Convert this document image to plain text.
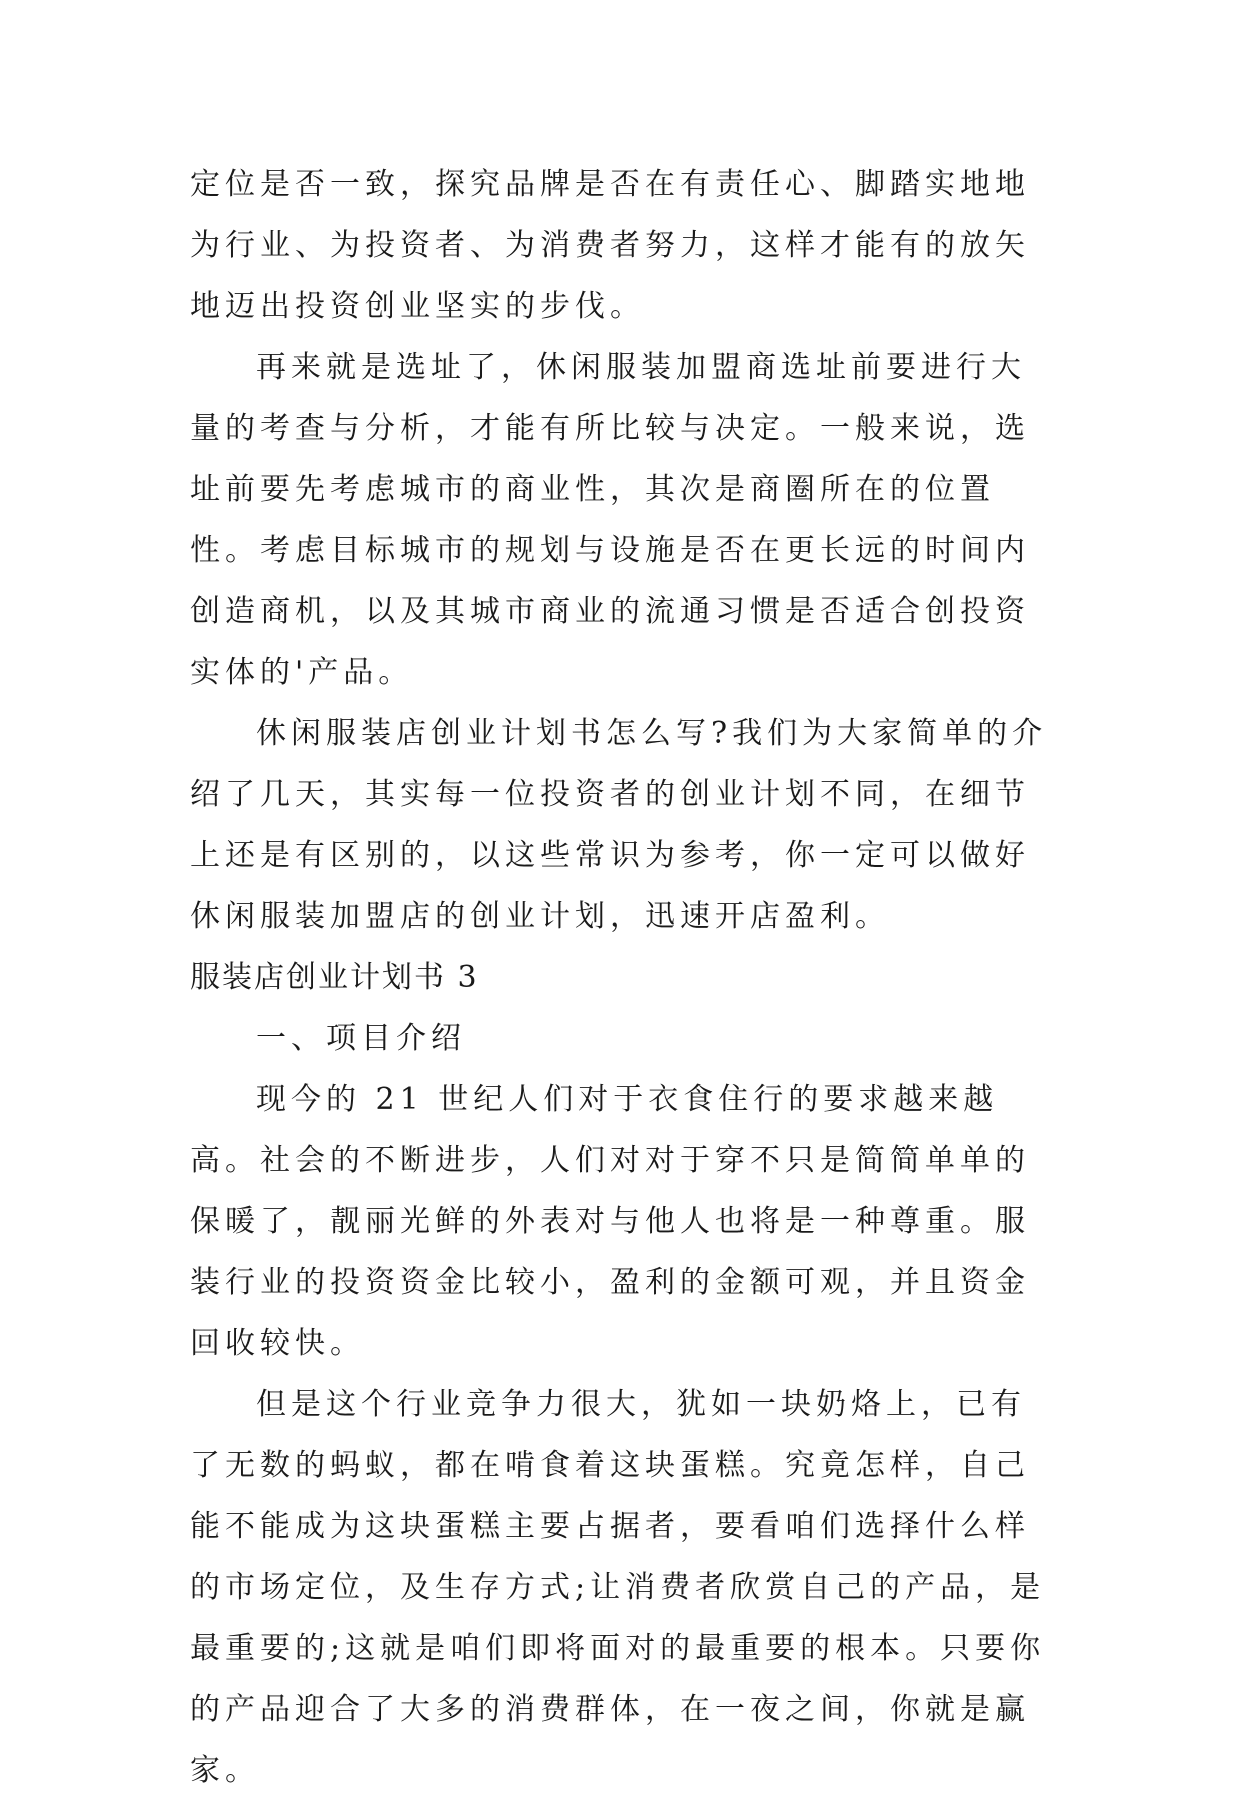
定位是否一致，探究品牌是否在有责任心、脚踏实地地为行业、为投资者、为消费者努力，这样才能有的放矢地迈出投资创业坚实的步伐。

再来就是选址了，休闲服装加盟商选址前要进行大量的考查与分析，才能有所比较与决定。一般来说，选址前要先考虑城市的商业性，其次是商圈所在的位置性。考虑目标城市的规划与设施是否在更长远的时间内创造商机，以及其城市商业的流通习惯是否适合创投资实体的'产品。

休闲服装店创业计划书怎么写?我们为大家简单的介绍了几天，其实每一位投资者的创业计划不同，在细节上还是有区别的，以这些常识为参考，你一定可以做好休闲服装加盟店的创业计划，迅速开店盈利。

服装店创业计划书 3

一、项目介绍

现今的 21 世纪人们对于衣食住行的要求越来越高。社会的不断进步，人们对对于穿不只是简简单单的保暖了，靓丽光鲜的外表对与他人也将是一种尊重。服装行业的投资资金比较小，盈利的金额可观，并且资金回收较快。

但是这个行业竞争力很大，犹如一块奶烙上，已有了无数的蚂蚁，都在啃食着这块蛋糕。究竟怎样，自己能不能成为这块蛋糕主要占据者，要看咱们选择什么样的市场定位，及生存方式;让消费者欣赏自己的产品，是最重要的;这就是咱们即将面对的最重要的根本。只要你的产品迎合了大多的消费群体，在一夜之间，你就是赢家。
